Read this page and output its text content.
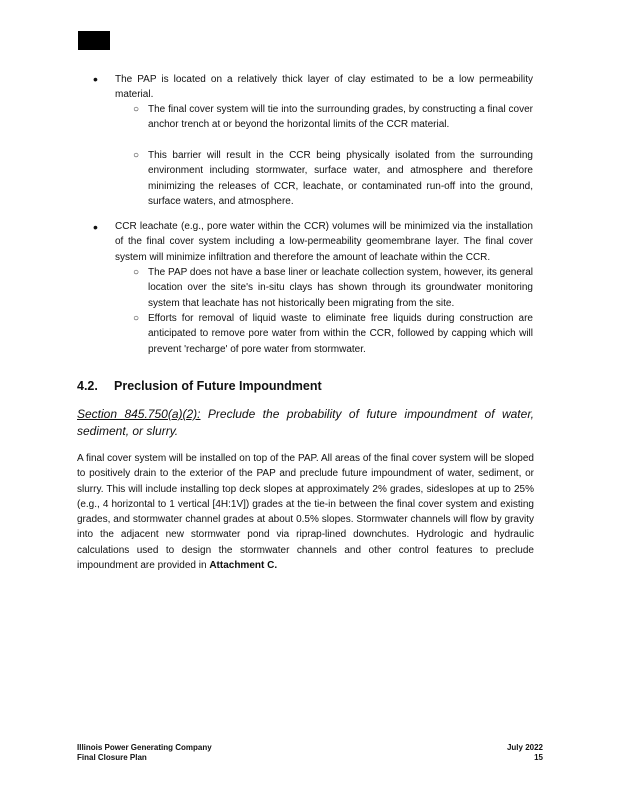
• The PAP is located on a relatively thick layer of clay estimated to be a low permeability material.
○ The final cover system will tie into the surrounding grades, by constructing a final cover anchor trench at or beyond the horizontal limits of the CCR material.
○ This barrier will result in the CCR being physically isolated from the surrounding environment including stormwater, surface water, and atmosphere and therefore minimizing the releases of CCR, leachate, or contaminated run-off into the ground, surface waters, and atmosphere.
• CCR leachate (e.g., pore water within the CCR) volumes will be minimized via the installation of the final cover system including a low-permeability geomembrane layer. The final cover system will minimize infiltration and therefore the amount of leachate within the CCR.
○ The PAP does not have a base liner or leachate collection system, however, its general location over the site's in-situ clays has shown through its groundwater monitoring system that leachate has not historically been migrating from the site.
○ Efforts for removal of liquid waste to eliminate free liquids during construction are anticipated to remove pore water from within the CCR, followed by capping which will prevent 'recharge' of pore water from stormwater.
4.2. Preclusion of Future Impoundment
Section 845.750(a)(2): Preclude the probability of future impoundment of water, sediment, or slurry.
A final cover system will be installed on top of the PAP. All areas of the final cover system will be sloped to positively drain to the exterior of the PAP and preclude future impoundment of water, sediment, or slurry. This will include installing top deck slopes at approximately 2% grades, sideslopes at up to 25% (e.g., 4 horizontal to 1 vertical [4H:1V]) grades at the tie-in between the final cover system and existing grades, and stormwater channel grades at about 0.5% slopes. Stormwater channels will flow by gravity into the adjacent new stormwater pond via riprap-lined downchutes. Hydrologic and hydraulic calculations used to design the stormwater channels and other control features to preclude impoundment are provided in Attachment C.
Illinois Power Generating Company	July 2022
Final Closure Plan	15
